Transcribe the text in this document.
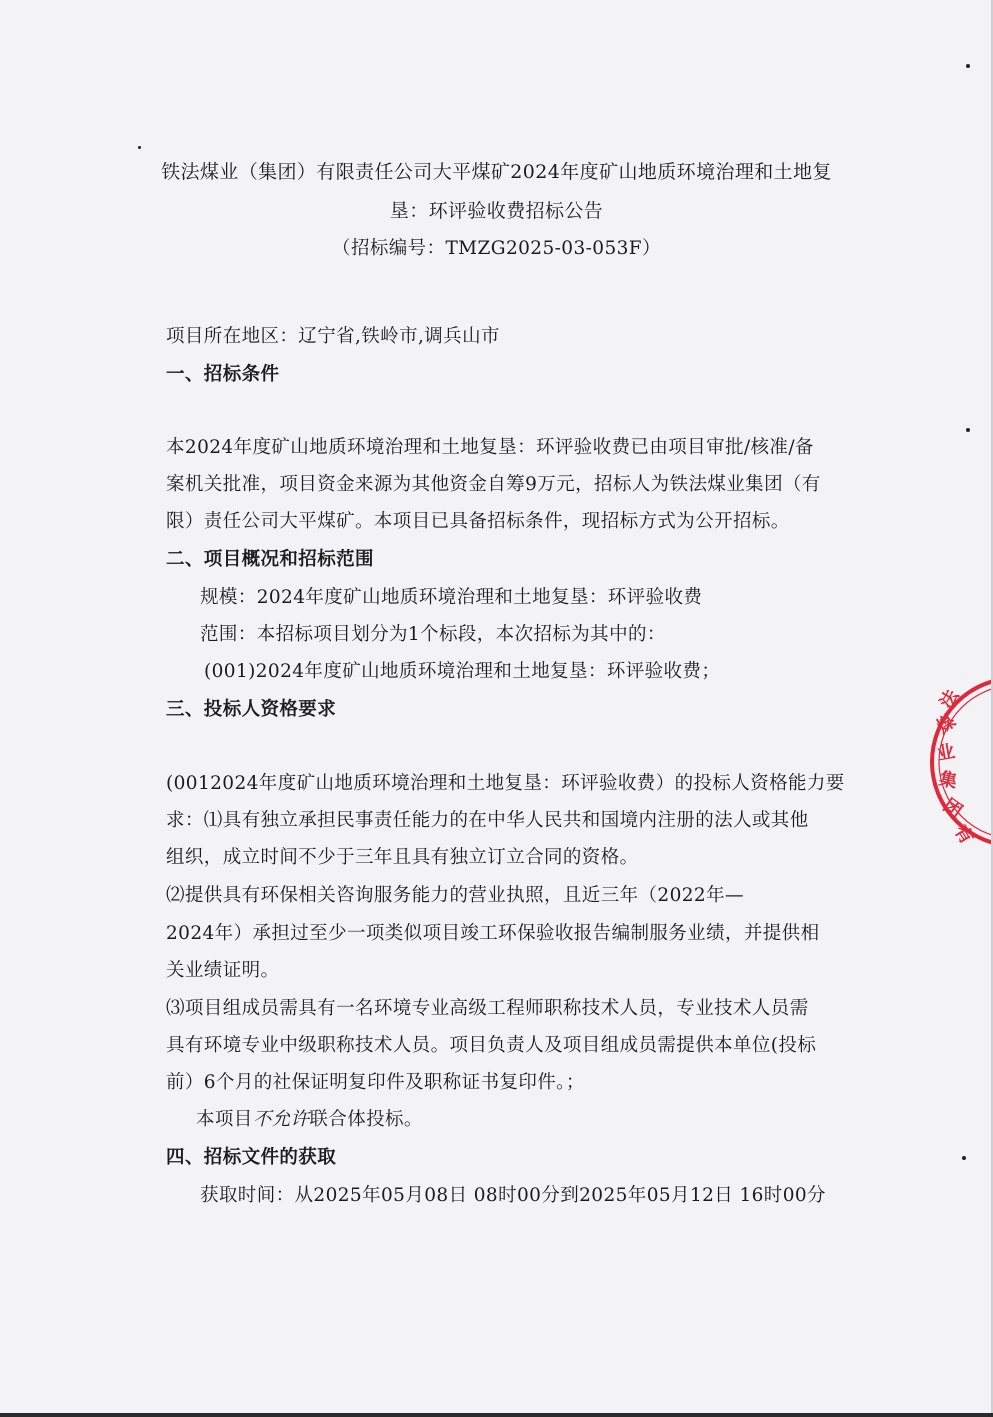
铁法煤业（集团）有限责任公司大平煤矿2024年度矿山地质环境治理和土地复
垦：环评验收费招标公告
（招标编号：TMZG2025-03-053F）
项目所在地区：辽宁省,铁岭市,调兵山市
一、招标条件
本2024年度矿山地质环境治理和土地复垦：环评验收费已由项目审批/核准/备
案机关批准，项目资金来源为其他资金自筹9万元，招标人为铁法煤业集团（有
限）责任公司大平煤矿。本项目已具备招标条件，现招标方式为公开招标。
二、项目概况和招标范围
规模：2024年度矿山地质环境治理和土地复垦：环评验收费
范围：本招标项目划分为1个标段，本次招标为其中的：
(001)2024年度矿山地质环境治理和土地复垦：环评验收费；
三、投标人资格要求
(0012024年度矿山地质环境治理和土地复垦：环评验收费）的投标人资格能力要
求：⑴具有独立承担民事责任能力的在中华人民共和国境内注册的法人或其他
组织，成立时间不少于三年且具有独立订立合同的资格。
⑵提供具有环保相关咨询服务能力的营业执照，且近三年（2022年—
2024年）承担过至少一项类似项目竣工环保验收报告编制服务业绩，并提供相
关业绩证明。
⑶项目组成员需具有一名环境专业高级工程师职称技术人员，专业技术人员需
具有环境专业中级职称技术人员。项目负责人及项目组成员需提供本单位(投标
前）6个月的社保证明复印件及职称证书复印件。；
本项目不允许联合体投标。
四、招标文件的获取
获取时间：从2025年05月08日 08时00分到2025年05月12日 16时00分
法
煤
业
集
团
有
